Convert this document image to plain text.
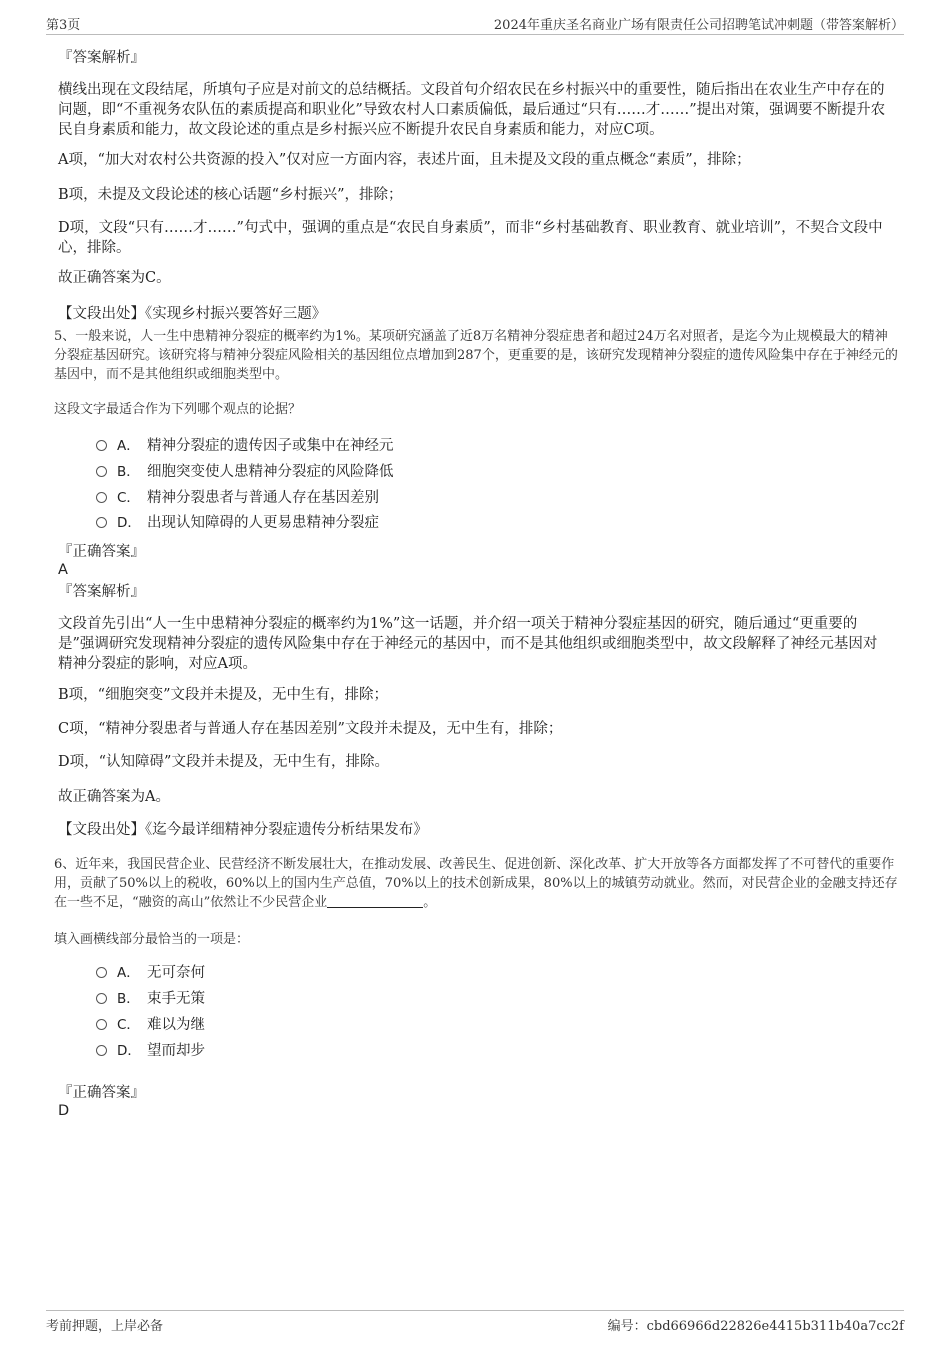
第3页	2024年重庆圣名商业广场有限责任公司招聘笔试冲刺题（带答案解析）
『答案解析』
横线出现在文段结尾，所填句子应是对前文的总结概括。文段首句介绍农民在乡村振兴中的重要性，随后指出在农业生产中存在的问题，即“不重视务农队伍的素质提高和职业化”导致农村人口素质偏低，最后通过“只有……才……”提出对策，强调要不断提升农民自身素质和能力，故文段论述的重点是乡村振兴应不断提升农民自身素质和能力，对应C项。
A项，“加大对农村公共资源的投入”仅对应一方面内容，表述片面，且未提及文段的重点概念“素质”，排除；
B项，未提及文段论述的核心话题“乡村振兴”，排除；
D项，文段“只有……才……”句式中，强调的重点是“农民自身素质”，而非“乡村基础教育、职业教育、就业培训”，不契合文段中心，排除。
故正确答案为C。
【文段出处】《实现乡村振兴要答好三题》
5、一般来说，人一生中患精神分裂症的概率约为1%。某项研究涵盖了近8万名精神分裂症患者和超过24万名对照者，是迄今为止规模最大的精神分裂症基因研究。该研究将与精神分裂症风险相关的基因组位点增加到287个，更重要的是，该研究发现精神分裂症的遗传风险集中存在于神经元的基因中，而不是其他组织或细胞类型中。
这段文字最适合作为下列哪个观点的论据？
A． 精神分裂症的遗传因子或集中在神经元
B． 细胞突变使人患精神分裂症的风险降低
C． 精神分裂患者与普通人存在基因差别
D． 出现认知障碍的人更易患精神分裂症
『正确答案』
A
『答案解析』
文段首先引出“人一生中患精神分裂症的概率约为1%”这一话题，并介绍一项关于精神分裂症基因的研究，随后通过“更重要的是”强调研究发现精神分裂症的遗传风险集中存在于神经元的基因中，而不是其他组织或细胞类型中，故文段解释了神经元基因对精神分裂症的影响，对应A项。
B项，“细胞突变”文段并未提及，无中生有，排除；
C项，“精神分裂患者与普通人存在基因差别”文段并未提及，无中生有，排除；
D项，“认知障碍”文段并未提及，无中生有，排除。
故正确答案为A。
【文段出处】《迄今最详细精神分裂症遗传分析结果发布》
6、近年来，我国民营企业、民营经济不断发展壮大，在推动发展、改善民生、促进创新、深化改革、扩大开放等各方面都发挥了不可替代的重要作用，贡献了50%以上的税收，60%以上的国内生产总值，70%以上的技术创新成果，80%以上的城镇劳动就业。然而，对民营企业的金融支持还存在一些不足，“融资的高山”依然让不少民营企业	。
填入画横线部分最恰当的一项是：
A． 无可奈何
B． 束手无策
C． 难以为继
D． 望而却步
『正确答案』
D
考前押题，上岸必备	编号：cbd66966d22826e4415b311b40a7cc2f
